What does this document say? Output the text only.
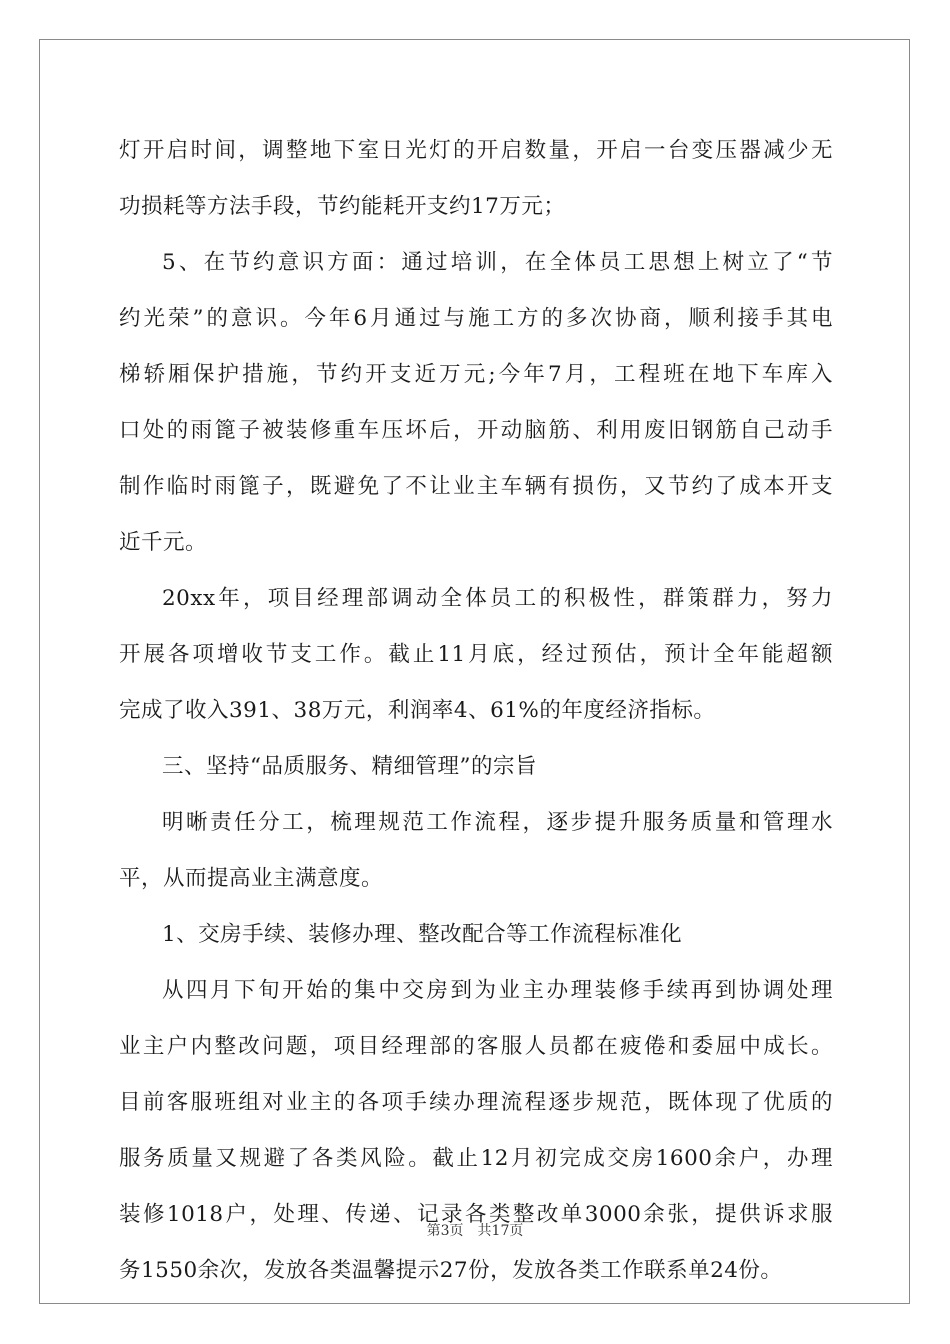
灯开启时间，调整地下室日光灯的开启数量，开启一台变压器减少无
功损耗等方法手段，节约能耗开支约17万元；
5、在节约意识方面：通过培训，在全体员工思想上树立了“节
约光荣”的意识。今年6月通过与施工方的多次协商，顺利接手其电
梯轿厢保护措施，节约开支近万元;今年7月，工程班在地下车库入
口处的雨篦子被装修重车压坏后，开动脑筋、利用废旧钢筋自己动手
制作临时雨篦子，既避免了不让业主车辆有损伤，又节约了成本开支
近千元。
20xx年，项目经理部调动全体员工的积极性，群策群力，努力
开展各项增收节支工作。截止11月底，经过预估，预计全年能超额
完成了收入391、38万元，利润率4、61%的年度经济指标。
三、坚持“品质服务、精细管理”的宗旨
明晰责任分工，梳理规范工作流程，逐步提升服务质量和管理水
平，从而提高业主满意度。
1、交房手续、装修办理、整改配合等工作流程标准化
从四月下旬开始的集中交房到为业主办理装修手续再到协调处理
业主户内整改问题，项目经理部的客服人员都在疲倦和委屈中成长。
目前客服班组对业主的各项手续办理流程逐步规范，既体现了优质的
服务质量又规避了各类风险。截止12月初完成交房1600余户，办理
装修1018户，处理、传递、记录各类整改单3000余张，提供诉求服
务1550余次，发放各类温馨提示27份，发放各类工作联系单24份。
第3页 共17页
